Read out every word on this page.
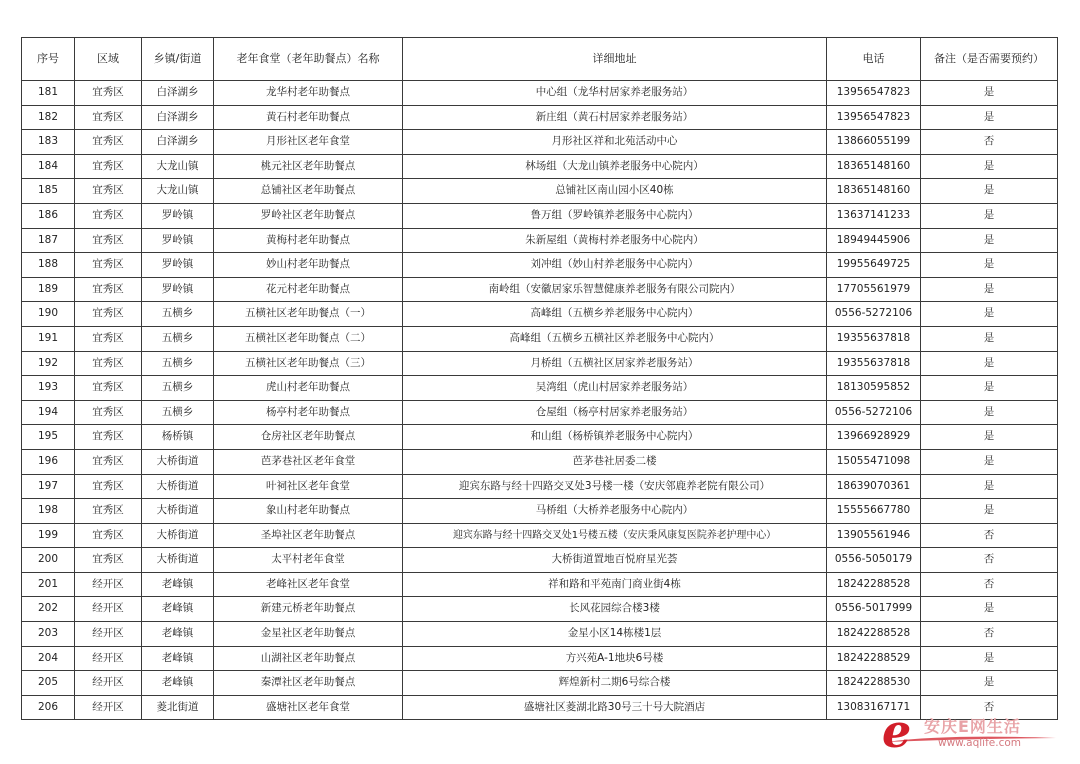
序号	区域	乡镇/街道	老年食堂（老年助餐点）名称	详细地址	电话	备注（是否需要预约）
181	宜秀区	白泽湖乡	龙华村老年助餐点	中心组（龙华村居家养老服务站）	13956547823	是
182	宜秀区	白泽湖乡	黄石村老年助餐点	新庄组（黄石村居家养老服务站）	13956547823	是
183	宜秀区	白泽湖乡	月形社区老年食堂	月形社区祥和北苑活动中心	13866055199	否
184	宜秀区	大龙山镇	桃元社区老年助餐点	林场组（大龙山镇养老服务中心院内）	18365148160	是
185	宜秀区	大龙山镇	总铺社区老年助餐点	总铺社区南山园小区40栋	18365148160	是
186	宜秀区	罗岭镇	罗岭社区老年助餐点	鲁万组（罗岭镇养老服务中心院内）	13637141233	是
187	宜秀区	罗岭镇	黄梅村老年助餐点	朱新屋组（黄梅村养老服务中心院内）	18949445906	是
188	宜秀区	罗岭镇	妙山村老年助餐点	刘冲组（妙山村养老服务中心院内）	19955649725	是
189	宜秀区	罗岭镇	花元村老年助餐点	南岭组（安徽居家乐智慧健康养老服务有限公司院内）	17705561979	是
190	宜秀区	五横乡	五横社区老年助餐点（一）	高峰组（五横乡养老服务中心院内）	0556-5272106	是
191	宜秀区	五横乡	五横社区老年助餐点（二）	高峰组（五横乡五横社区养老服务中心院内）	19355637818	是
192	宜秀区	五横乡	五横社区老年助餐点（三）	月桥组（五横社区居家养老服务站）	19355637818	是
193	宜秀区	五横乡	虎山村老年助餐点	吴湾组（虎山村居家养老服务站）	18130595852	是
194	宜秀区	五横乡	杨亭村老年助餐点	仓屋组（杨亭村居家养老服务站）	0556-5272106	是
195	宜秀区	杨桥镇	仓房社区老年助餐点	和山组（杨桥镇养老服务中心院内）	13966928929	是
196	宜秀区	大桥街道	芭茅巷社区老年食堂	芭茅巷社居委二楼	15055471098	是
197	宜秀区	大桥街道	叶祠社区老年食堂	迎宾东路与经十四路交叉处3号楼一楼（安庆邻鹿养老院有限公司）	18639070361	是
198	宜秀区	大桥街道	象山村老年助餐点	马桥组（大桥养老服务中心院内）	15555667780	是
199	宜秀区	大桥街道	圣埠社区老年助餐点	迎宾东路与经十四路交叉处1号楼五楼（安庆秉风康复医院养老护理中心）	13905561946	否
200	宜秀区	大桥街道	太平村老年食堂	大桥街道置地百悦府星光荟	0556-5050179	否
201	经开区	老峰镇	老峰社区老年食堂	祥和路和平苑南门商业街4栋	18242288528	否
202	经开区	老峰镇	新建元桥老年助餐点	长风花园综合楼3楼	0556-5017999	是
203	经开区	老峰镇	金星社区老年助餐点	金星小区14栋楼1层	18242288528	否
204	经开区	老峰镇	山湖社区老年助餐点	方兴苑A-1地块6号楼	18242288529	是
205	经开区	老峰镇	秦潭社区老年助餐点	辉煌新村二期6号综合楼	18242288530	是
206	经开区	菱北街道	盛塘社区老年食堂	盛塘社区菱湖北路30号三十号大院酒店	13083167171	否
e 安庆E网生活
www.aqlife.com
